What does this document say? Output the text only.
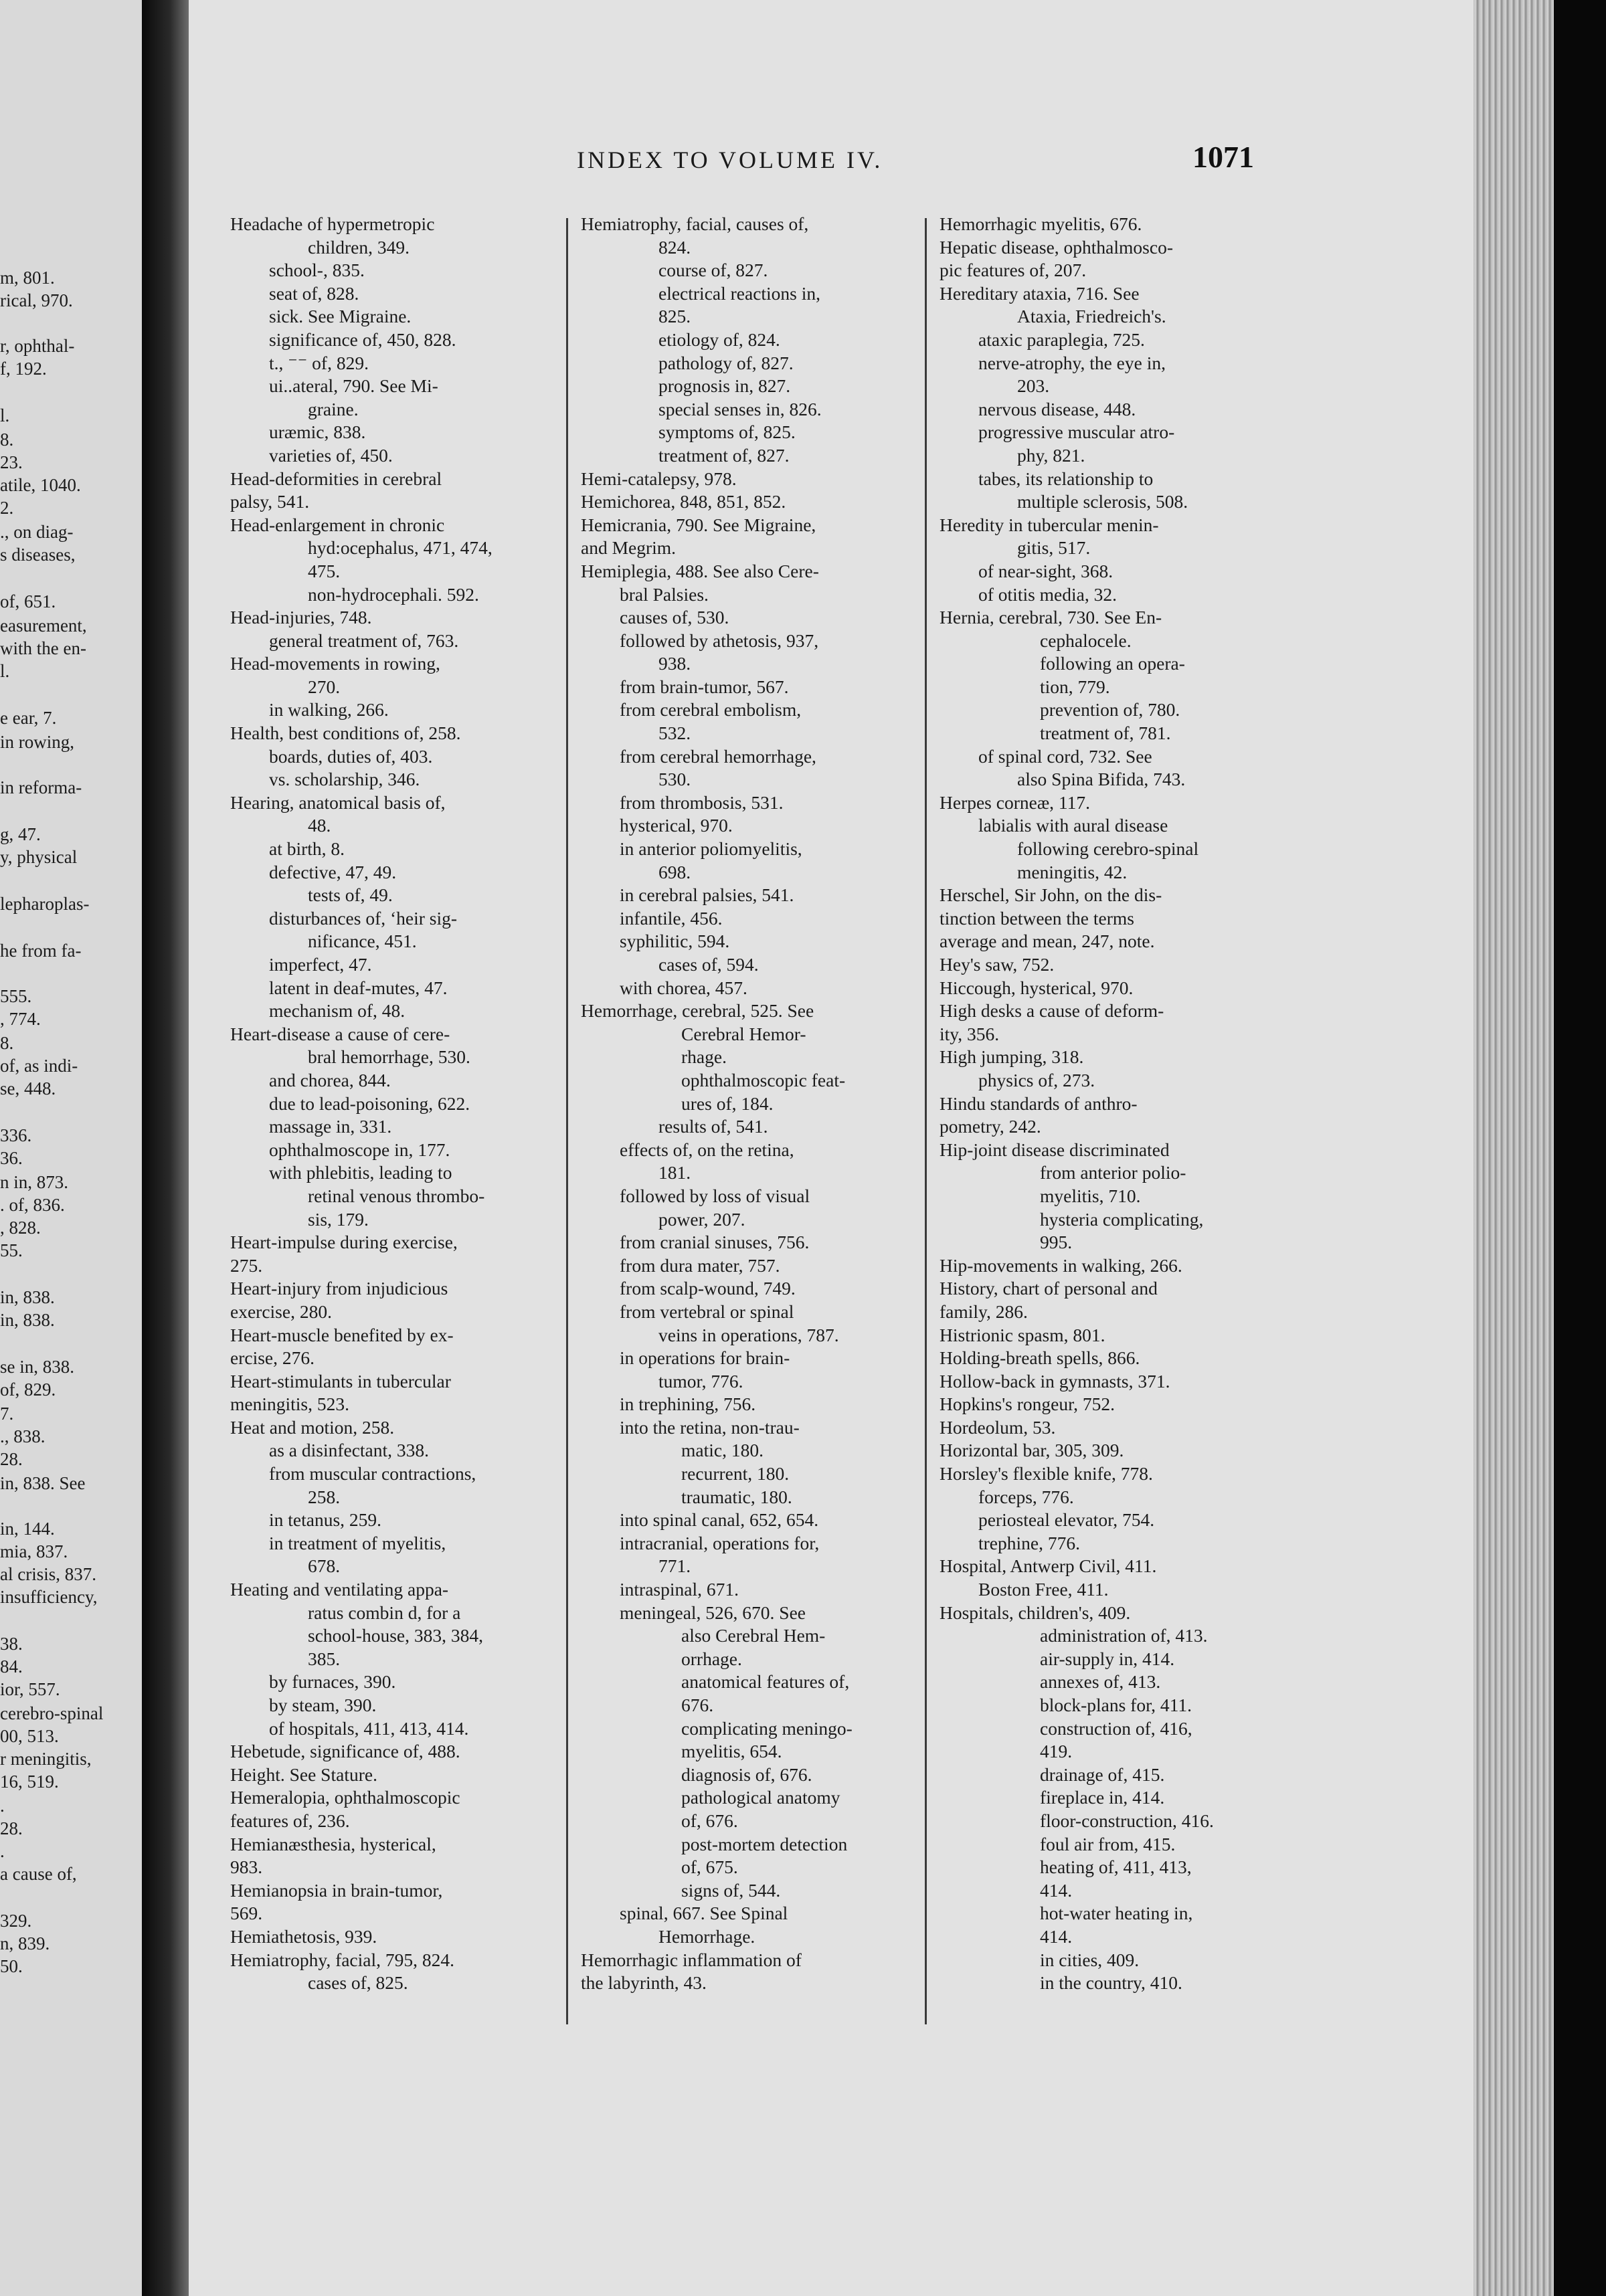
m, 801.
rical, 970.
r, ophthal-
f, 192.
l.
8.
23.
atile, 1040.
2.
., on diag-
s diseases,
of, 651.
easurement,
with the en-
l.
e ear, 7.
in rowing,
in reforma-
g, 47.
y, physical
lepharoplas-
he from fa-
555.
, 774.
8.
of, as indi-
se, 448.
336.
36.
n in, 873.
. of, 836.
, 828.
55.
in, 838.
in, 838.
se in, 838.
of, 829.
7.
., 838.
28.
in, 838. See
in, 144.
mia, 837.
al crisis, 837.
insufficiency,
38.
84.
ior, 557.
cerebro-spinal
00, 513.
r meningitis,
16, 519.
.
28.
.
a cause of,
329.
n, 839.
50.
INDEX TO VOLUME IV.	1071
Headache of hypermetropic
children, 349.
school-, 835.
seat of, 828.
sick. See Migraine.
significance of, 450, 828.
t., ⁻⁻ of, 829.
ui..ateral, 790. See Mi-
graine.
uræmic, 838.
varieties of, 450.
Head-deformities in cerebral
palsy, 541.
Head-enlargement in chronic
hyd:ocephalus, 471, 474,
475.
non-hydrocephali. 592.
Head-injuries, 748.
general treatment of, 763.
Head-movements in rowing,
270.
in walking, 266.
Health, best conditions of, 258.
boards, duties of, 403.
vs. scholarship, 346.
Hearing, anatomical basis of,
48.
at birth, 8.
defective, 47, 49.
tests of, 49.
disturbances of, ʻheir sig-
nificance, 451.
imperfect, 47.
latent in deaf-mutes, 47.
mechanism of, 48.
Heart-disease a cause of cere-
bral hemorrhage, 530.
and chorea, 844.
due to lead-poisoning, 622.
massage in, 331.
ophthalmoscope in, 177.
with phlebitis, leading to
retinal venous thrombo-
sis, 179.
Heart-impulse during exercise,
275.
Heart-injury from injudicious
exercise, 280.
Heart-muscle benefited by ex-
ercise, 276.
Heart-stimulants in tubercular
meningitis, 523.
Heat and motion, 258.
as a disinfectant, 338.
from muscular contractions,
258.
in tetanus, 259.
in treatment of myelitis,
678.
Heating and ventilating appa-
ratus combin d, for a
school-house, 383, 384,
385.
by furnaces, 390.
by steam, 390.
of hospitals, 411, 413, 414.
Hebetude, significance of, 488.
Height. See Stature.
Hemeralopia, ophthalmoscopic
features of, 236.
Hemianæsthesia, hysterical,
983.
Hemianopsia in brain-tumor,
569.
Hemiathetosis, 939.
Hemiatrophy, facial, 795, 824.
cases of, 825.
Hemiatrophy, facial, causes of,
824.
course of, 827.
electrical reactions in,
825.
etiology of, 824.
pathology of, 827.
prognosis in, 827.
special senses in, 826.
symptoms of, 825.
treatment of, 827.
Hemi-catalepsy, 978.
Hemichorea, 848, 851, 852.
Hemicrania, 790. See Migraine,
and Megrim.
Hemiplegia, 488. See also Cere-
bral Palsies.
causes of, 530.
followed by athetosis, 937,
938.
from brain-tumor, 567.
from cerebral embolism,
532.
from cerebral hemorrhage,
530.
from thrombosis, 531.
hysterical, 970.
in anterior poliomyelitis,
698.
in cerebral palsies, 541.
infantile, 456.
syphilitic, 594.
cases of, 594.
with chorea, 457.
Hemorrhage, cerebral, 525. See
Cerebral Hemor-
rhage.
ophthalmoscopic feat-
ures of, 184.
results of, 541.
effects of, on the retina,
181.
followed by loss of visual
power, 207.
from cranial sinuses, 756.
from dura mater, 757.
from scalp-wound, 749.
from vertebral or spinal
veins in operations, 787.
in operations for brain-
tumor, 776.
in trephining, 756.
into the retina, non-trau-
matic, 180.
recurrent, 180.
traumatic, 180.
into spinal canal, 652, 654.
intracranial, operations for,
771.
intraspinal, 671.
meningeal, 526, 670. See
also Cerebral Hem-
orrhage.
anatomical features of,
676.
complicating meningo-
myelitis, 654.
diagnosis of, 676.
pathological anatomy
of, 676.
post-mortem detection
of, 675.
signs of, 544.
spinal, 667. See Spinal
Hemorrhage.
Hemorrhagic inflammation of
the labyrinth, 43.
Hemorrhagic myelitis, 676.
Hepatic disease, ophthalmosco-
pic features of, 207.
Hereditary ataxia, 716. See
Ataxia, Friedreich's.
ataxic paraplegia, 725.
nerve-atrophy, the eye in,
203.
nervous disease, 448.
progressive muscular atro-
phy, 821.
tabes, its relationship to
multiple sclerosis, 508.
Heredity in tubercular menin-
gitis, 517.
of near-sight, 368.
of otitis media, 32.
Hernia, cerebral, 730. See En-
cephalocele.
following an opera-
tion, 779.
prevention of, 780.
treatment of, 781.
of spinal cord, 732. See
also Spina Bifida, 743.
Herpes corneæ, 117.
labialis with aural disease
following cerebro-spinal
meningitis, 42.
Herschel, Sir John, on the dis-
tinction between the terms
average and mean, 247, note.
Hey's saw, 752.
Hiccough, hysterical, 970.
High desks a cause of deform-
ity, 356.
High jumping, 318.
physics of, 273.
Hindu standards of anthro-
pometry, 242.
Hip-joint disease discriminated
from anterior polio-
myelitis, 710.
hysteria complicating,
995.
Hip-movements in walking, 266.
History, chart of personal and
family, 286.
Histrionic spasm, 801.
Holding-breath spells, 866.
Hollow-back in gymnasts, 371.
Hopkins's rongeur, 752.
Hordeolum, 53.
Horizontal bar, 305, 309.
Horsley's flexible knife, 778.
forceps, 776.
periosteal elevator, 754.
trephine, 776.
Hospital, Antwerp Civil, 411.
Boston Free, 411.
Hospitals, children's, 409.
administration of, 413.
air-supply in, 414.
annexes of, 413.
block-plans for, 411.
construction of, 416,
419.
drainage of, 415.
fireplace in, 414.
floor-construction, 416.
foul air from, 415.
heating of, 411, 413,
414.
hot-water heating in,
414.
in cities, 409.
in the country, 410.
